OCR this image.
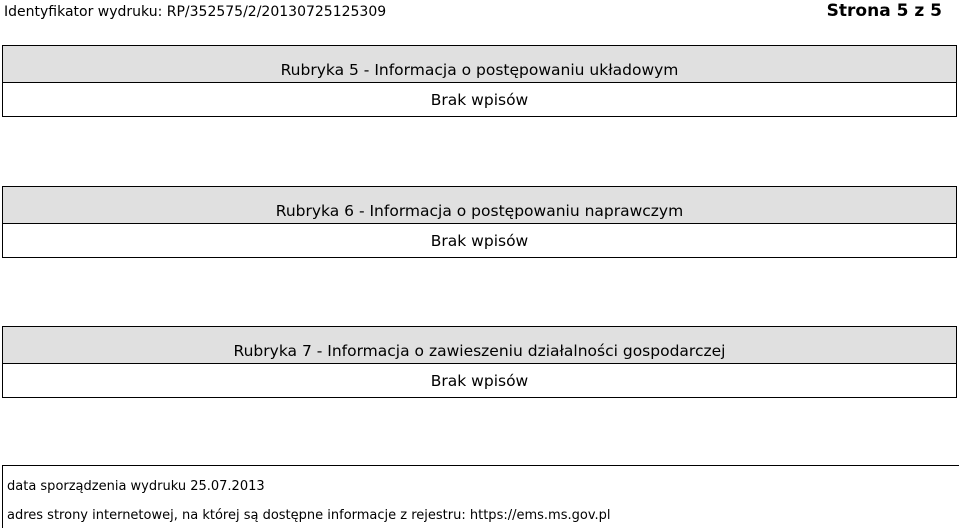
Identyfikator wydruku: RP/352575/2/20130725125309	Strona 5 z 5
Rubryka 5 - Informacja o postępowaniu układowym
Brak wpisów
Rubryka 6 - Informacja o postępowaniu naprawczym
Brak wpisów
Rubryka 7 - Informacja o zawieszeniu działalności gospodarczej
Brak wpisów
data sporządzenia wydruku 25.07.2013
adres strony internetowej, na której są dostępne informacje z rejestru: https://ems.ms.gov.pl
